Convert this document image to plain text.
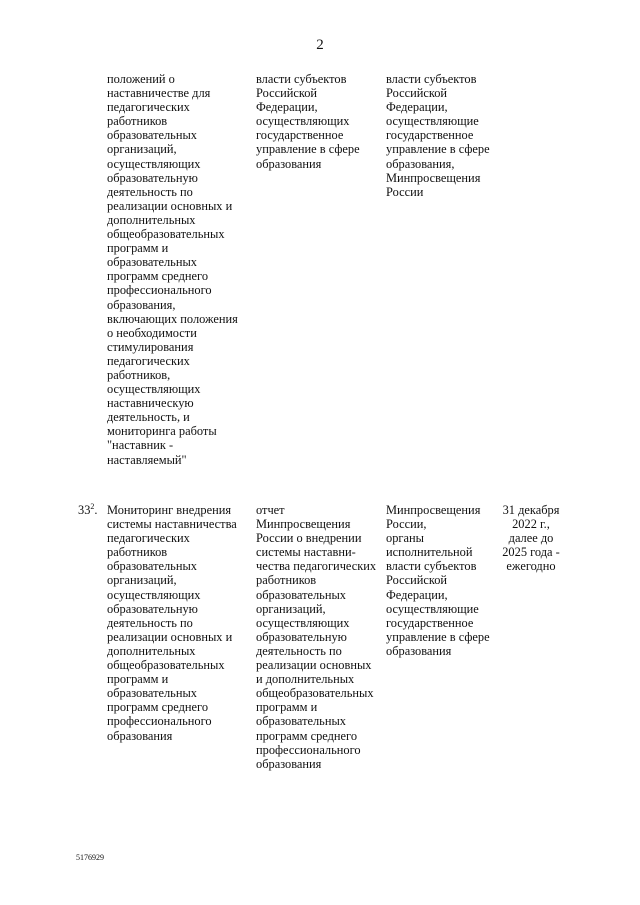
2

положений о
наставничестве для
педагогических
работников
образовательных
организаций,
осуществляющих
образовательную
деятельность по
реализации основных и
дополнительных
общеобразовательных
программ и
образовательных
программ среднего
профессионального
образования,
включающих положения
о необходимости
стимулирования
педагогических
работников,
осуществляющих
наставническую
деятельность, и
мониторинга работы
"наставник -
наставляемый"

власти субъектов
Российской
Федерации,
осуществляющих
государственное
управление в сфере
образования

власти субъектов
Российской
Федерации,
осуществляющие
государственное
управление в сфере
образования,
Минпросвещения
России

$33^2$. Мониторинг внедрения
системы наставничества
педагогических
работников
образовательных
организаций,
осуществляющих
образовательную
деятельность по
реализации основных и
дополнительных
общеобразовательных
программ и
образовательных
программ среднего
профессионального
образования

отчет
Минпросвещения
России о внедрении
системы наставни-
чества педагогических
работников
образовательных
организаций,
осуществляющих
образовательную
деятельность по
реализации основных
и дополнительных
общеобразовательных
программ и
образовательных
программ среднего
профессионального
образования

Минпросвещения
России,
органы
исполнительной
власти субъектов
Российской
Федерации,
осуществляющие
государственное
управление в сфере
образования

31 декабря
2022 г.,
далее до
2025 года -
ежегодно

5176929
